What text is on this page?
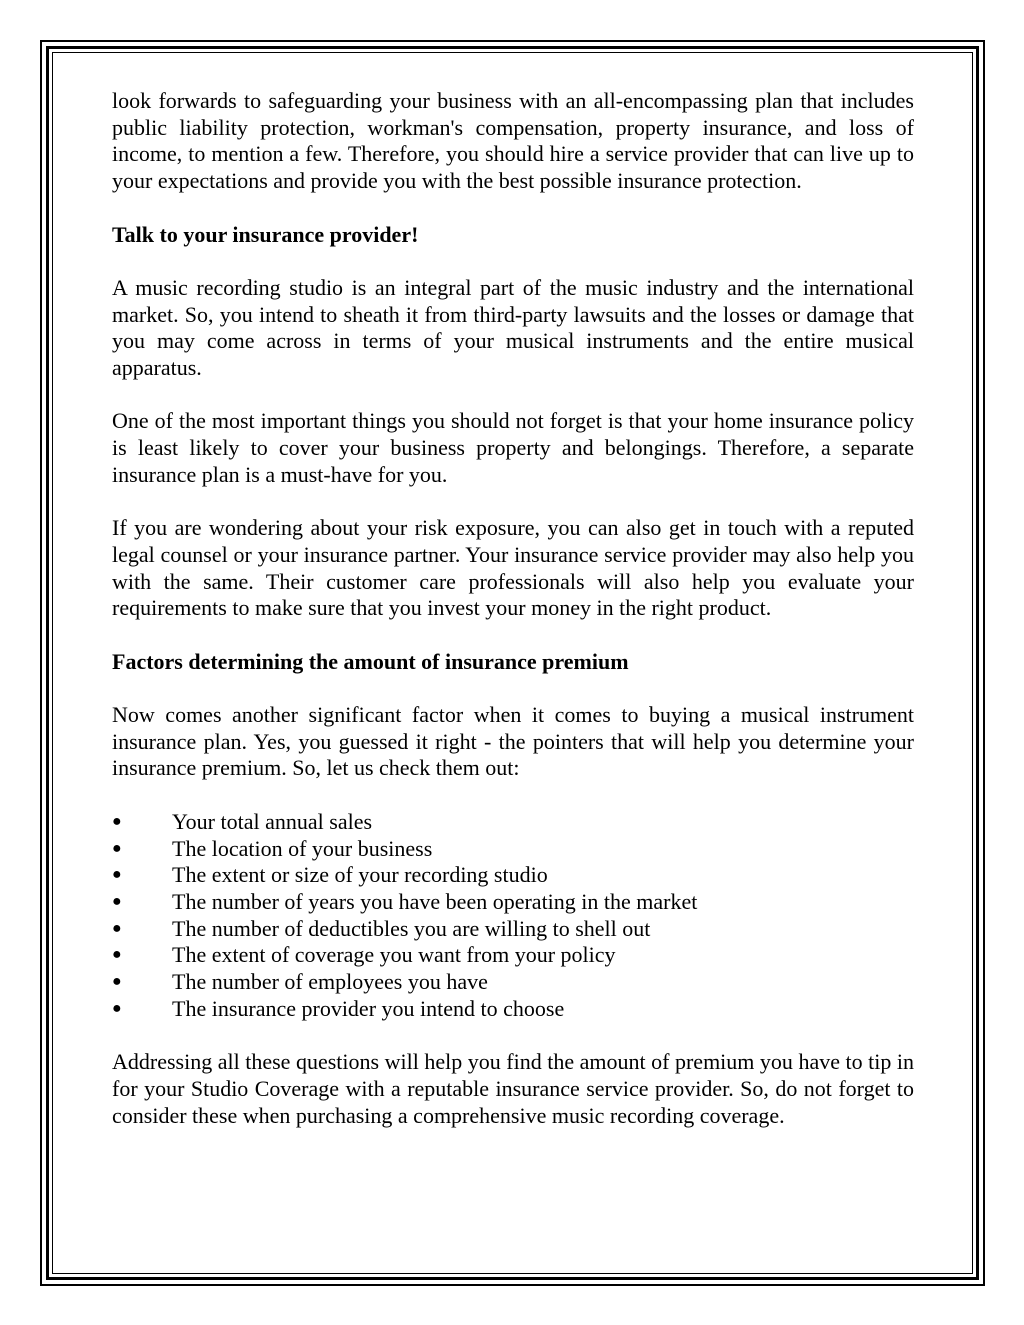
look forwards to safeguarding your business with an all-encompassing plan that includes public liability protection, workman's compensation, property insurance, and loss of income, to mention a few. Therefore, you should hire a service provider that can live up to your expectations and provide you with the best possible insurance protection.

Talk to your insurance provider!

A music recording studio is an integral part of the music industry and the international market. So, you intend to sheath it from third-party lawsuits and the losses or damage that you may come across in terms of your musical instruments and the entire musical apparatus.

One of the most important things you should not forget is that your home insurance policy is least likely to cover your business property and belongings. Therefore, a separate insurance plan is a must-have for you.

If you are wondering about your risk exposure, you can also get in touch with a reputed legal counsel or your insurance partner. Your insurance service provider may also help you with the same. Their customer care professionals will also help you evaluate your requirements to make sure that you invest your money in the right product.

Factors determining the amount of insurance premium

Now comes another significant factor when it comes to buying a musical instrument insurance plan. Yes, you guessed it right - the pointers that will help you determine your insurance premium. So, let us check them out:

● Your total annual sales
● The location of your business
● The extent or size of your recording studio
● The number of years you have been operating in the market
● The number of deductibles you are willing to shell out
● The extent of coverage you want from your policy
● The number of employees you have
● The insurance provider you intend to choose

Addressing all these questions will help you find the amount of premium you have to tip in for your Studio Coverage with a reputable insurance service provider. So, do not forget to consider these when purchasing a comprehensive music recording coverage.
